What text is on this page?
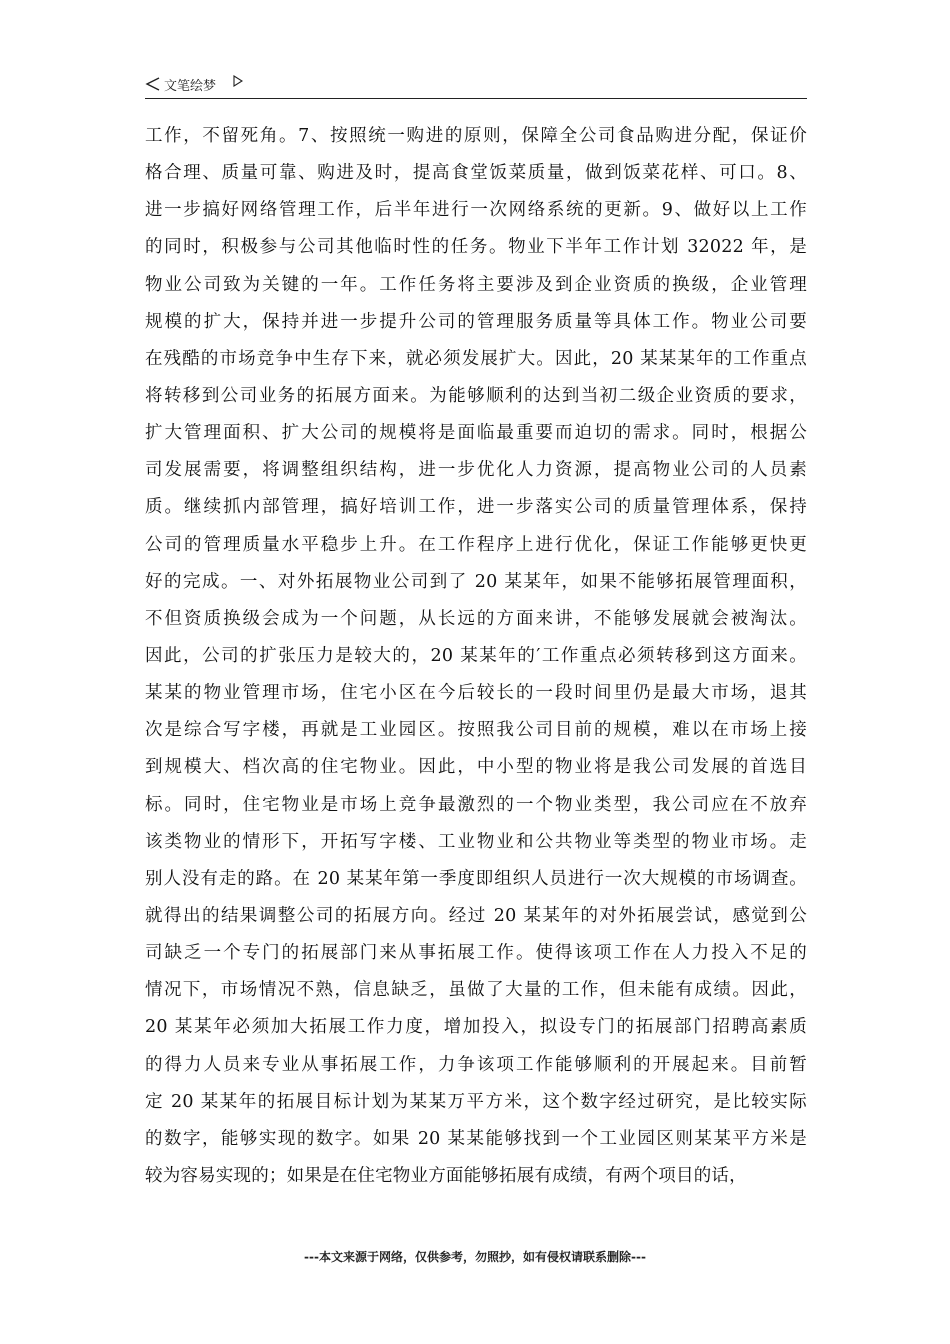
文笔绘梦
工作，不留死角。7、按照统一购进的原则，保障全公司食品购进分配，保证价
格合理、质量可靠、购进及时，提高食堂饭菜质量，做到饭菜花样、可口。8、
进一步搞好网络管理工作，后半年进行一次网络系统的更新。9、做好以上工作
的同时，积极参与公司其他临时性的任务。物业下半年工作计划 32022 年，是
物业公司致为关键的一年。工作任务将主要涉及到企业资质的换级，企业管理
规模的扩大，保持并进一步提升公司的管理服务质量等具体工作。物业公司要
在残酷的市场竞争中生存下来，就必须发展扩大。因此，20 某某某年的工作重点
将转移到公司业务的拓展方面来。为能够顺利的达到当初二级企业资质的要求，
扩大管理面积、扩大公司的规模将是面临最重要而迫切的需求。同时，根据公
司发展需要，将调整组织结构，进一步优化人力资源，提高物业公司的人员素
质。继续抓内部管理，搞好培训工作，进一步落实公司的质量管理体系，保持
公司的管理质量水平稳步上升。在工作程序上进行优化，保证工作能够更快更
好的完成。一、对外拓展物业公司到了 20 某某年，如果不能够拓展管理面积，
不但资质换级会成为一个问题，从长远的方面来讲，不能够发展就会被淘汰。
因此，公司的扩张压力是较大的，20 某某年的′工作重点必须转移到这方面来。
某某的物业管理市场，住宅小区在今后较长的一段时间里仍是最大市场，退其
次是综合写字楼，再就是工业园区。按照我公司目前的规模，难以在市场上接
到规模大、档次高的住宅物业。因此，中小型的物业将是我公司发展的首选目
标。同时，住宅物业是市场上竞争最激烈的一个物业类型，我公司应在不放弃
该类物业的情形下，开拓写字楼、工业物业和公共物业等类型的物业市场。走
别人没有走的路。在 20 某某年第一季度即组织人员进行一次大规模的市场调查。
就得出的结果调整公司的拓展方向。经过 20 某某年的对外拓展尝试，感觉到公
司缺乏一个专门的拓展部门来从事拓展工作。使得该项工作在人力投入不足的
情况下，市场情况不熟，信息缺乏，虽做了大量的工作，但未能有成绩。因此，
20 某某年必须加大拓展工作力度，增加投入，拟设专门的拓展部门招聘高素质
的得力人员来专业从事拓展工作，力争该项工作能够顺利的开展起来。目前暂
定 20 某某年的拓展目标计划为某某万平方米，这个数字经过研究，是比较实际
的数字，能够实现的数字。如果 20 某某能够找到一个工业园区则某某平方米是
较为容易实现的；如果是在住宅物业方面能够拓展有成绩，有两个项目的话，
---本文来源于网络，仅供参考，勿照抄，如有侵权请联系删除---
